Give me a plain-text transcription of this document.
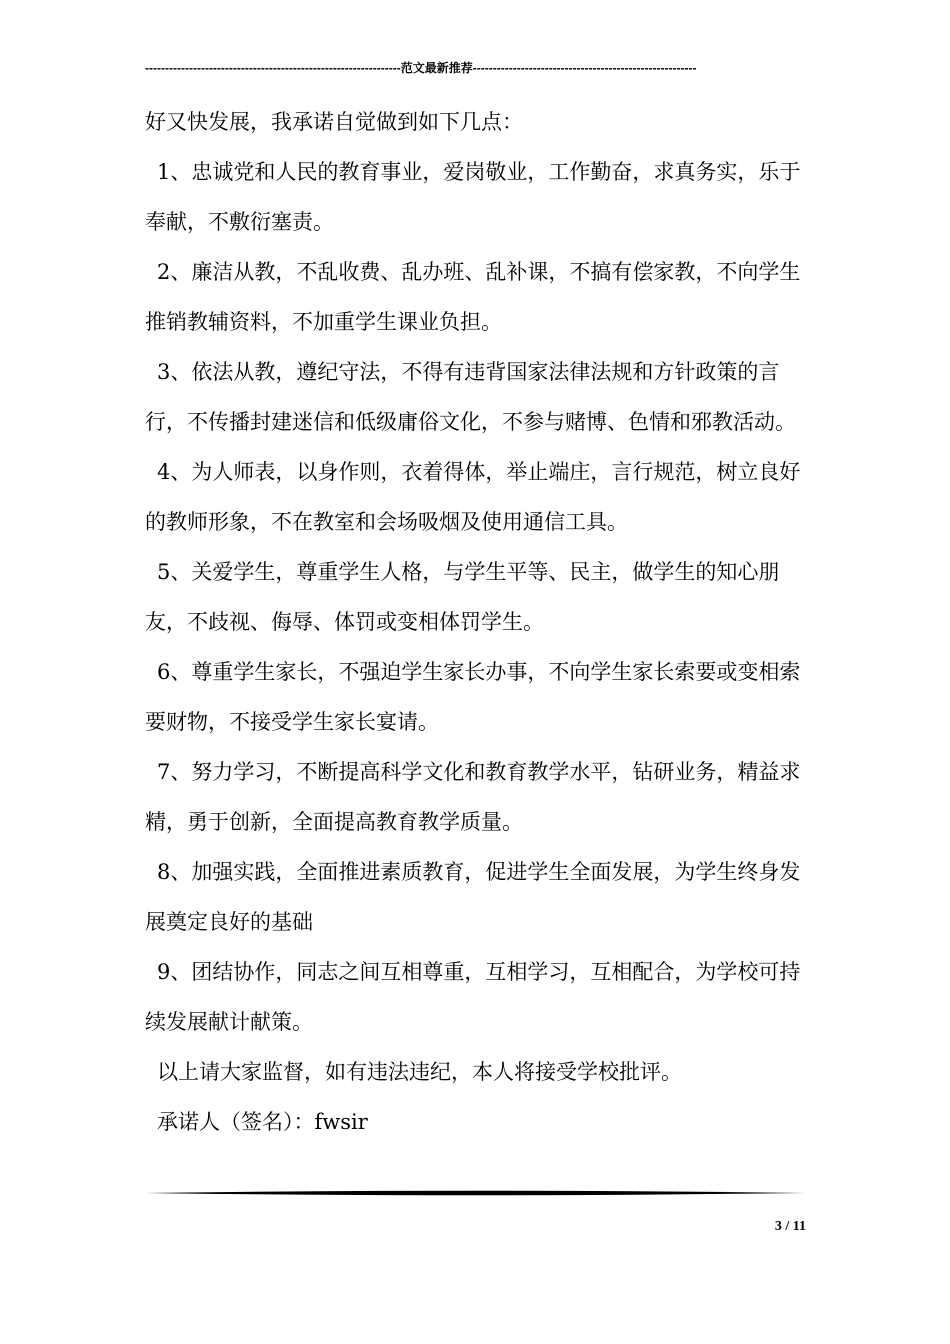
----------------------------------------------------------------范文最新推荐--------------------------------------------------------

好又快发展，我承诺自觉做到如下几点：

1、忠诚党和人民的教育事业，爱岗敬业，工作勤奋，求真务实，乐于奉献，不敷衍塞责。

2、廉洁从教，不乱收费、乱办班、乱补课，不搞有偿家教，不向学生推销教辅资料，不加重学生课业负担。

3、依法从教，遵纪守法，不得有违背国家法律法规和方针政策的言行，不传播封建迷信和低级庸俗文化，不参与赌博、色情和邪教活动。

4、为人师表，以身作则，衣着得体，举止端庄，言行规范，树立良好的教师形象，不在教室和会场吸烟及使用通信工具。

5、关爱学生，尊重学生人格，与学生平等、民主，做学生的知心朋友，不歧视、侮辱、体罚或变相体罚学生。

6、尊重学生家长，不强迫学生家长办事，不向学生家长索要或变相索要财物，不接受学生家长宴请。

7、努力学习，不断提高科学文化和教育教学水平，钻研业务，精益求精，勇于创新，全面提高教育教学质量。

8、加强实践，全面推进素质教育，促进学生全面发展，为学生终身发展奠定良好的基础

9、团结协作，同志之间互相尊重，互相学习，互相配合，为学校可持续发展献计献策。

以上请大家监督，如有违法违纪，本人将接受学校批评。

承诺人（签名）：fwsir

3 / 11
